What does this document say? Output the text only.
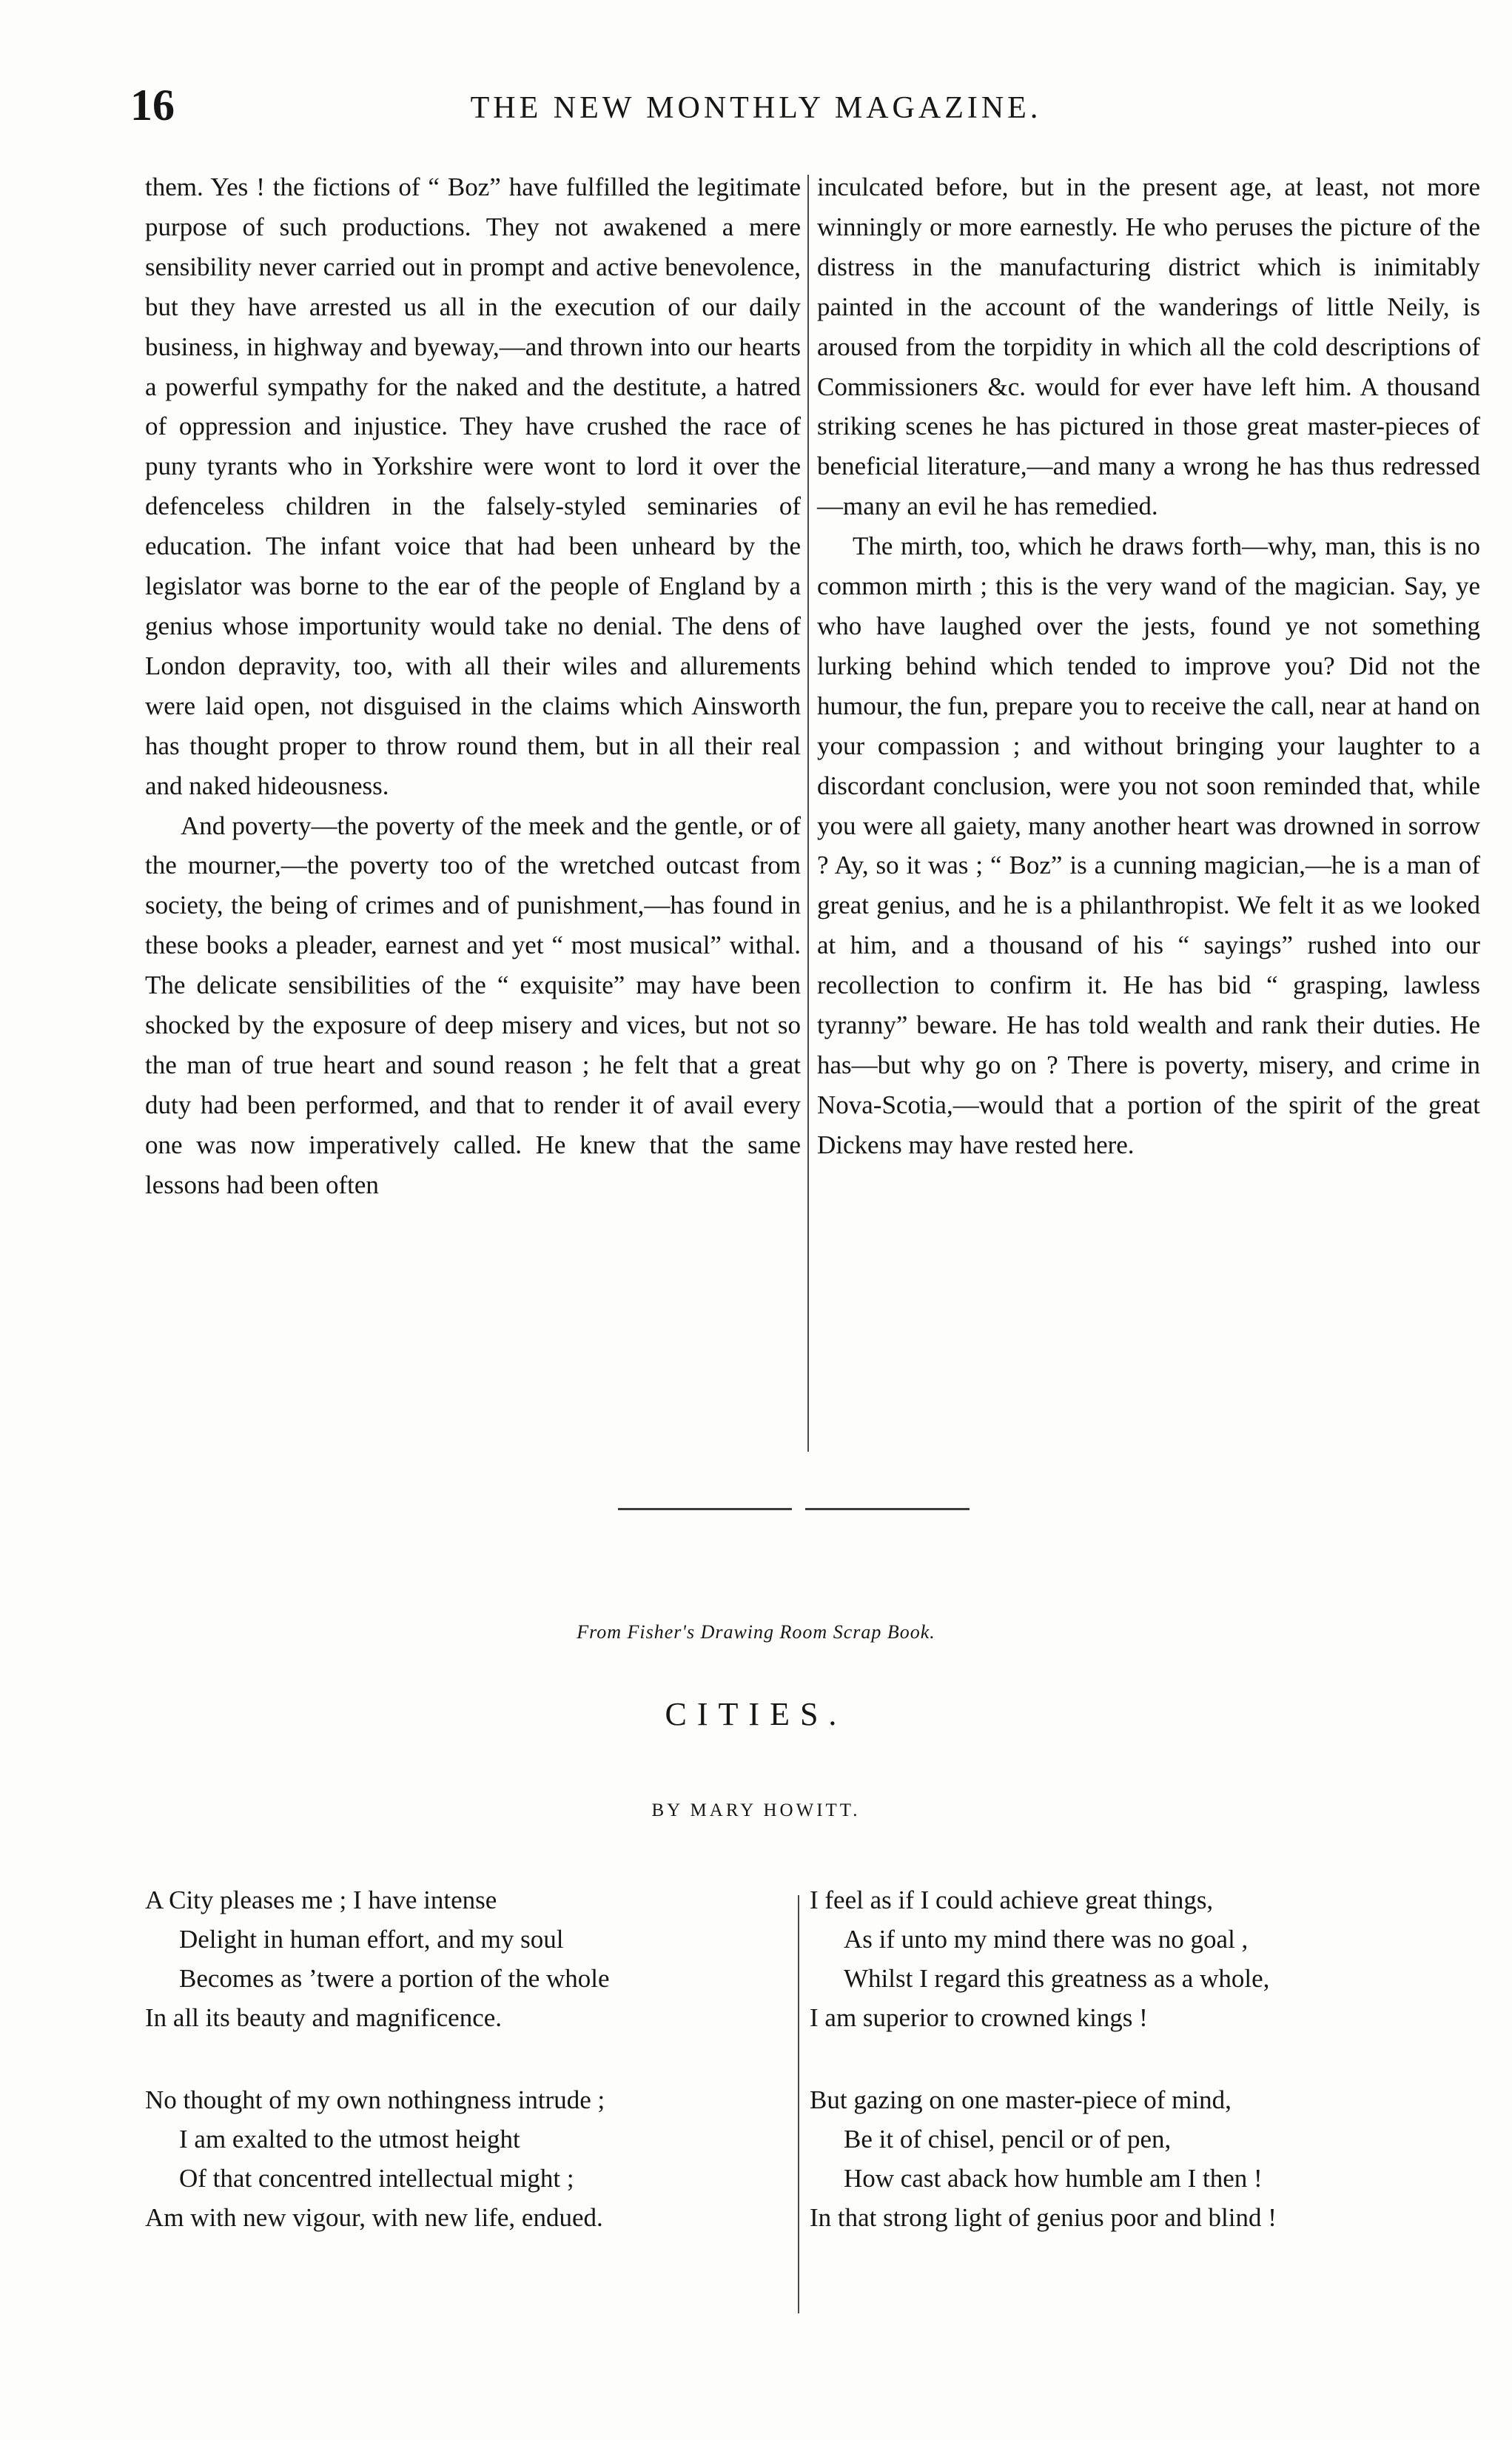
16	THE NEW MONTHLY MAGAZINE.

them. Yes ! the fictions of “ Boz” have fulfilled the legitimate purpose of such productions. They not awakened a mere sensibility never carried out in prompt and active benevolence, but they have arrested us all in the execution of our daily business, in highway and byeway,—and thrown into our hearts a powerful sympathy for the naked and the destitute, a hatred of oppression and injustice. They have crushed the race of puny tyrants who in Yorkshire were wont to lord it over the defenceless children in the falsely-styled seminaries of education. The infant voice that had been unheard by the legislator was borne to the ear of the people of England by a genius whose importunity would take no denial. The dens of London depravity, too, with all their wiles and allurements were laid open, not disguised in the claims which Ainsworth has thought proper to throw round them, but in all their real and naked hideousness.

And poverty—the poverty of the meek and the gentle, or of the mourner,—the poverty too of the wretched outcast from society, the being of crimes and of punishment,—has found in these books a pleader, earnest and yet “ most musical” withal. The delicate sensibilities of the “ exquisite” may have been shocked by the exposure of deep misery and vices, but not so the man of true heart and sound reason ; he felt that a great duty had been performed, and that to render it of avail every one was now imperatively called. He knew that the same lessons had been often

inculcated before, but in the present age, at least, not more winningly or more earnestly. He who peruses the picture of the distress in the manufacturing district which is inimitably painted in the account of the wanderings of little Neily, is aroused from the torpidity in which all the cold descriptions of Commissioners &c. would for ever have left him. A thousand striking scenes he has pictured in those great master-pieces of beneficial literature,—and many a wrong he has thus redressed—many an evil he has remedied.

The mirth, too, which he draws forth—why, man, this is no common mirth ; this is the very wand of the magician. Say, ye who have laughed over the jests, found ye not something lurking behind which tended to improve you? Did not the humour, the fun, prepare you to receive the call, near at hand on your compassion ; and without bringing your laughter to a discordant conclusion, were you not soon reminded that, while you were all gaiety, many another heart was drowned in sorrow ? Ay, so it was ; “ Boz” is a cunning magician,—he is a man of great genius, and he is a philanthropist. We felt it as we looked at him, and a thousand of his “ sayings” rushed into our recollection to confirm it. He has bid “ grasping, lawless tyranny” beware. He has told wealth and rank their duties. He has—but why go on ? There is poverty, misery, and crime in Nova-Scotia,—would that a portion of the spirit of the great Dickens may have rested here.

From Fisher's Drawing Room Scrap Book.
CITIES.
BY MARY HOWITT.
A City pleases me ; I have intense
Delight in human effort, and my soul
Becomes as ’twere a portion of the whole
In all its beauty and magnificence.
No thought of my own nothingness intrude ;
I am exalted to the utmost height
Of that concentred intellectual might ;
Am with new vigour, with new life, endued.
I feel as if I could achieve great things,
As if unto my mind there was no goal ,
Whilst I regard this greatness as a whole,
I am superior to crowned kings !
But gazing on one master-piece of mind,
Be it of chisel, pencil or of pen,
How cast aback how humble am I then !
In that strong light of genius poor and blind !
